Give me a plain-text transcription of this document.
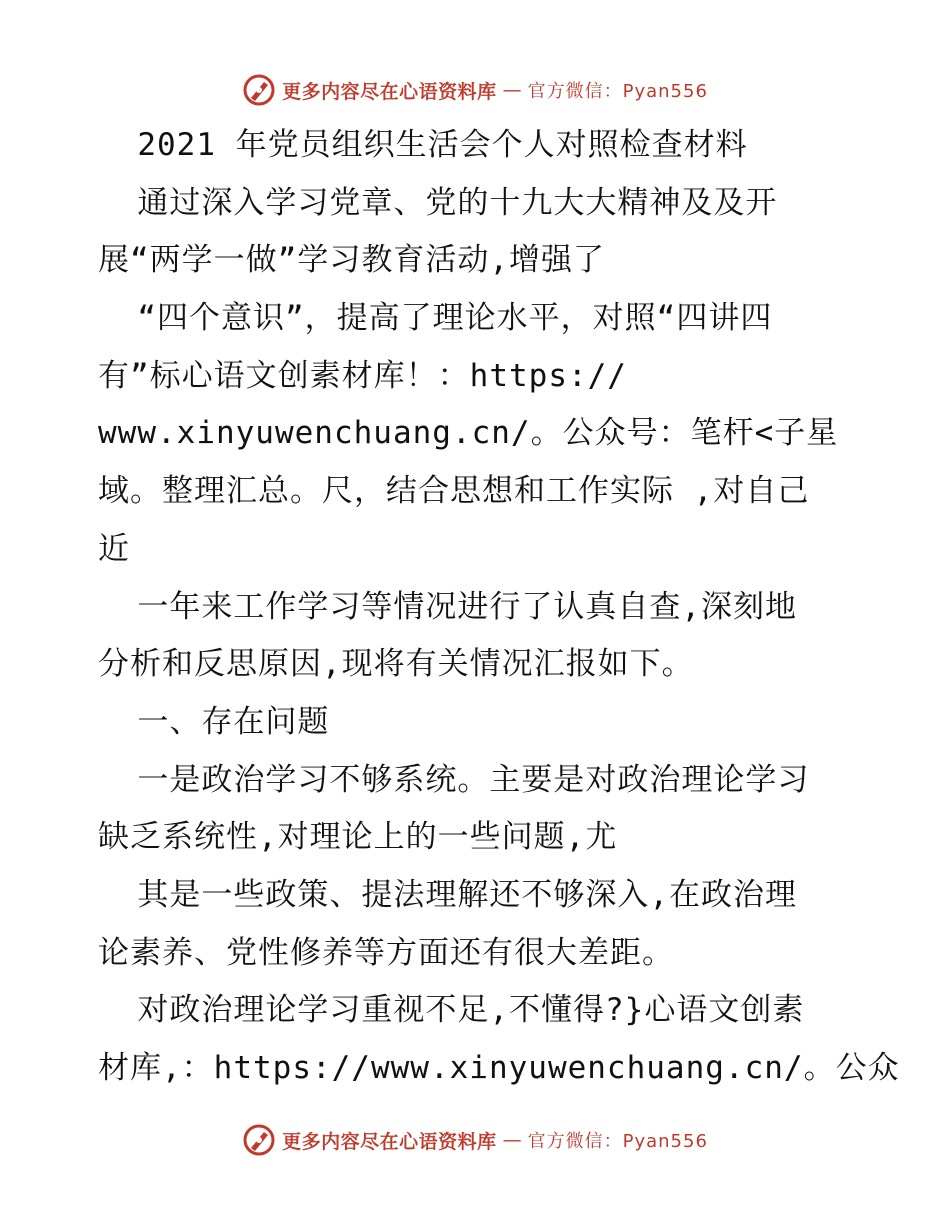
更多内容尽在心语资料库 — 官方微信：Pyan556
2021 年党员组织生活会个人对照检查材料
通过深入学习党章、党的十九大大精神及及开
展“两学一做”学习教育活动,增强了
“四个意识”，提高了理论水平，对照“四讲四
有”标心语文创素材库！：https://
www.xinyuwenchuang.cn/。公众号：笔杆<子星
域。整理汇总。尺，结合思想和工作实际 ,对自己
近
一年来工作学习等情况进行了认真自查,深刻地
分析和反思原因,现将有关情况汇报如下。
一、存在问题
一是政治学习不够系统。主要是对政治理论学习
缺乏系统性,对理论上的一些问题,尤
其是一些政策、提法理解还不够深入,在政治理
论素养、党性修养等方面还有很大差距。
对政治理论学习重视不足,不懂得?}心语文创素
材库,：https://www.xinyuwenchuang.cn/。公众
更多内容尽在心语资料库 — 官方微信：Pyan556
